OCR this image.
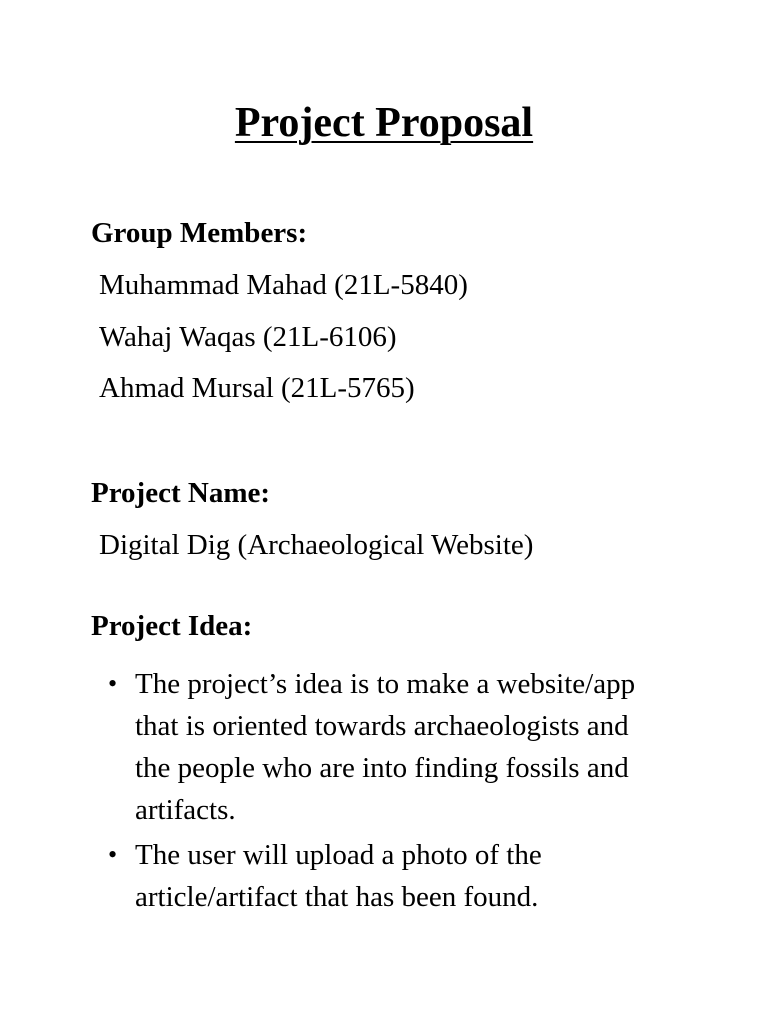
Project Proposal
Group Members:
Muhammad Mahad (21L-5840)
Wahaj Waqas (21L-6106)
Ahmad Mursal (21L-5765)
Project Name:
Digital Dig (Archaeological Website)
Project Idea:
• The project’s idea is to make a website/app that is oriented towards archaeologists and the people who are into finding fossils and artifacts.
• The user will upload a photo of the article/artifact that has been found.
